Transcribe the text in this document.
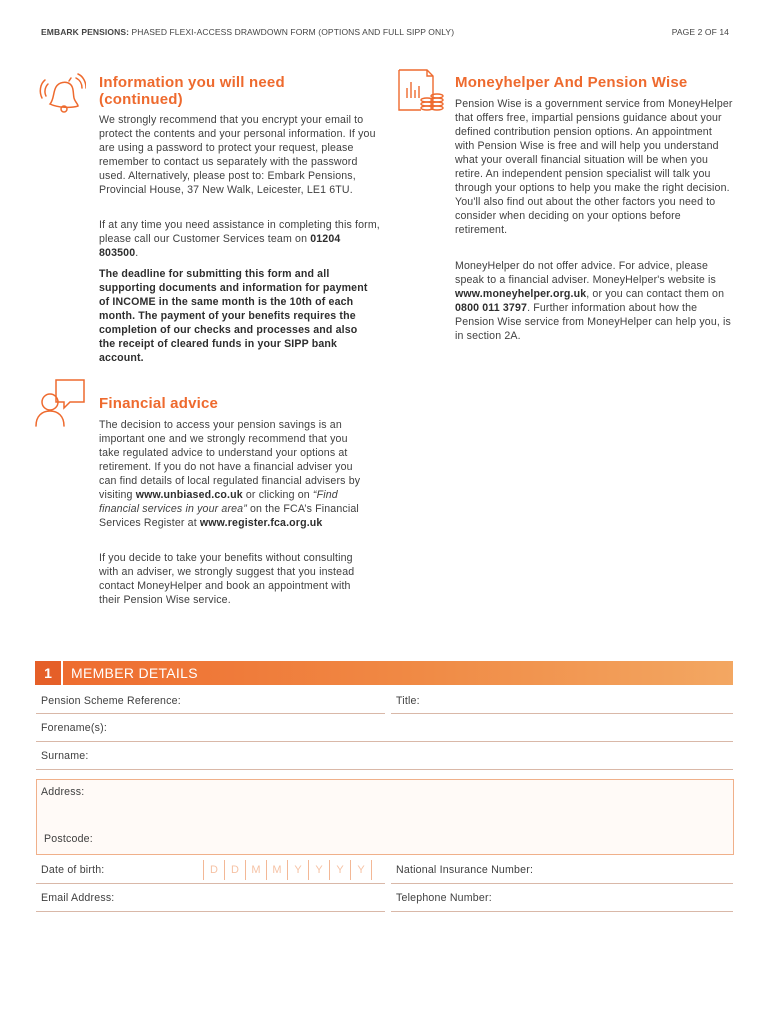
EMBARK PENSIONS: PHASED FLEXI-ACCESS DRAWDOWN FORM (OPTIONS AND FULL SIPP ONLY)	PAGE 2 OF 14
Information you will need
(continued)
We strongly recommend that you encrypt your email to protect the contents and your personal information. If you are using a password to protect your request, please remember to contact us separately with the password used. Alternatively, please post to: Embark Pensions, Provincial House, 37 New Walk, Leicester, LE1 6TU.
If at any time you need assistance in completing this form, please call our Customer Services team on 01204 803500.
The deadline for submitting this form and all supporting documents and information for payment of INCOME in the same month is the 10th of each month. The payment of your benefits requires the completion of our checks and processes and also the receipt of cleared funds in your SIPP bank account.
Moneyhelper And Pension Wise
Pension Wise is a government service from MoneyHelper that offers free, impartial pensions guidance about your defined contribution pension options. An appointment with Pension Wise is free and will help you understand what your overall financial situation will be when you retire. An independent pension specialist will talk you through your options to help you make the right decision. You'll also find out about the other factors you need to consider when deciding on your options before retirement.
MoneyHelper do not offer advice. For advice, please speak to a financial adviser. MoneyHelper's website is www.moneyhelper.org.uk, or you can contact them on 0800 011 3797. Further information about how the Pension Wise service from MoneyHelper can help you, is in section 2A.
Financial advice
The decision to access your pension savings is an important one and we strongly recommend that you take regulated advice to understand your options at retirement. If you do not have a financial adviser you can find details of local regulated financial advisers by visiting www.unbiased.co.uk or clicking on “Find financial services in your area” on the FCA’s Financial Services Register at www.register.fca.org.uk
If you decide to take your benefits without consulting with an adviser, we strongly suggest that you instead contact MoneyHelper and book an appointment with their Pension Wise service.
1	MEMBER DETAILS
Pension Scheme Reference:	Title:
Forename(s):
Surname:
Address:
Postcode:
Date of birth:	D	D	M	M	Y	Y	Y	Y	National Insurance Number:
Email Address:	Telephone Number:
